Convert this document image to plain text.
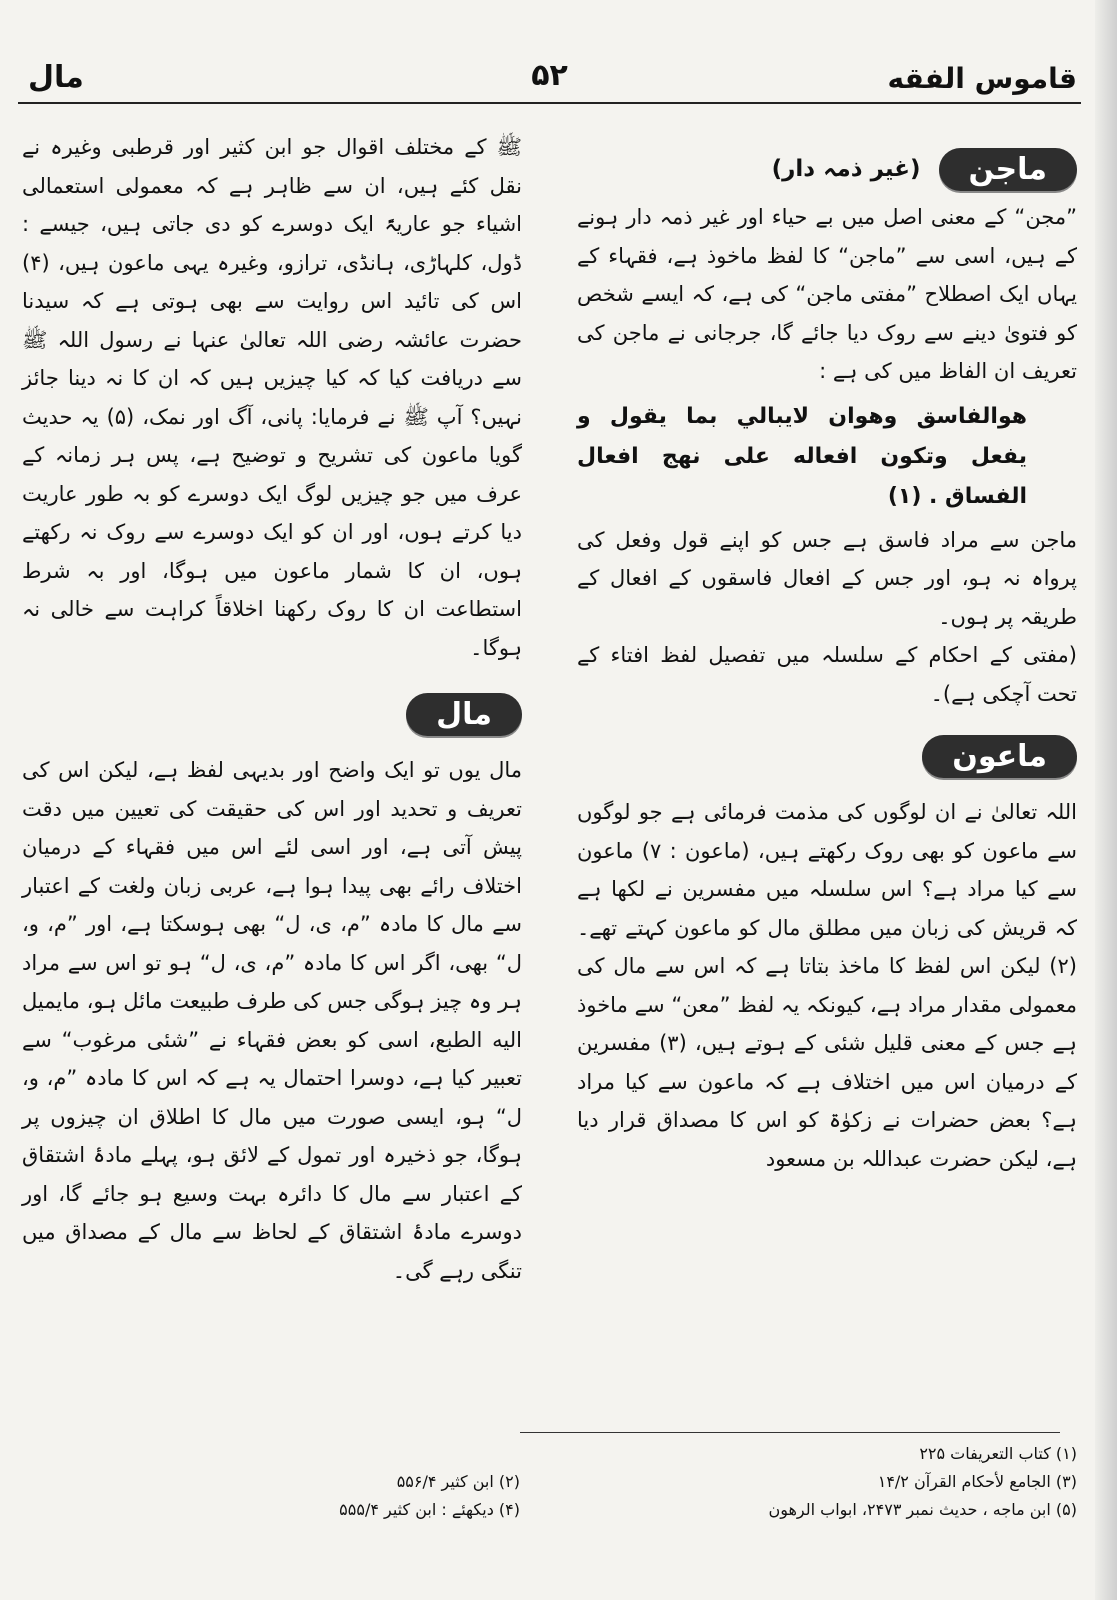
قاموس الفقه
۵۲
مال
ماجن
(غیر ذمہ دار)

”مجن“ کے معنی اصل میں بے حیاء اور غیر ذمہ دار ہونے کے ہیں، اسی سے ”ماجن“ کا لفظ ماخوذ ہے، فقہاء کے یہاں ایک اصطلاح ”مفتی ماجن“ کی ہے، کہ ایسے شخص کو فتویٰ دینے سے روک دیا جائے گا، جرجانی نے ماجن کی تعریف ان الفاظ میں کی ہے :

هوالفاسق وهوان لايبالي بما يقول و يفعل وتكون افعاله على نهج افعال الفساق . (۱)

ماجن سے مراد فاسق ہے جس کو اپنے قول وفعل کی پرواہ نہ ہو، اور جس کے افعال فاسقوں کے افعال کے طریقہ پر ہوں۔

(مفتی کے احکام کے سلسلہ میں تفصیل لفظ افتاء کے تحت آچکی ہے)۔

ماعون

اللہ تعالیٰ نے ان لوگوں کی مذمت فرمائی ہے جو لوگوں سے ماعون کو بھی روک رکھتے ہیں، (ماعون : ۷) ماعون سے کیا مراد ہے؟ اس سلسلہ میں مفسرین نے لکھا ہے کہ قریش کی زبان میں مطلق مال کو ماعون کہتے تھے۔ (۲) لیکن اس لفظ کا ماخذ بتاتا ہے کہ اس سے مال کی معمولی مقدار مراد ہے، کیونکہ یہ لفظ ”معن“ سے ماخوذ ہے جس کے معنی قلیل شئی کے ہوتے ہیں، (۳) مفسرین کے درمیان اس میں اختلاف ہے کہ ماعون سے کیا مراد ہے؟ بعض حضرات نے زکوٰۃ کو اس کا مصداق قرار دیا ہے، لیکن حضرت عبداللہ بن مسعود

ﷺ کے مختلف اقوال جو ابن کثیر اور قرطبی وغیرہ نے نقل کئے ہیں، ان سے ظاہر ہے کہ معمولی استعمالی اشیاء جو عاریۃً ایک دوسرے کو دی جاتی ہیں، جیسے : ڈول، کلہاڑی، ہانڈی، ترازو، وغیرہ یہی ماعون ہیں، (۴) اس کی تائید اس روایت سے بھی ہوتی ہے کہ سیدنا حضرت عائشہ رضی اللہ تعالیٰ عنہا نے رسول اللہ ﷺ سے دریافت کیا کہ کیا چیزیں ہیں کہ ان کا نہ دینا جائز نہیں؟ آپ ﷺ نے فرمایا: پانی، آگ اور نمک، (۵) یہ حدیث گویا ماعون کی تشریح و توضیح ہے، پس ہر زمانہ کے عرف میں جو چیزیں لوگ ایک دوسرے کو بہ طور عاریت دیا کرتے ہوں، اور ان کو ایک دوسرے سے روک نہ رکھتے ہوں، ان کا شمار ماعون میں ہوگا، اور بہ شرط استطاعت ان کا روک رکھنا اخلاقاً کراہت سے خالی نہ ہوگا۔

مال

مال یوں تو ایک واضح اور بدیہی لفظ ہے، لیکن اس کی تعریف و تحدید اور اس کی حقیقت کی تعیین میں دقت پیش آتی ہے، اور اسی لئے اس میں فقہاء کے درمیان اختلاف رائے بھی پیدا ہوا ہے، عربی زبان ولغت کے اعتبار سے مال کا مادہ ”م، ی، ل“ بھی ہوسکتا ہے، اور ”م، و، ل“ بھی، اگر اس کا مادہ ”م، ی، ل“ ہو تو اس سے مراد ہر وہ چیز ہوگی جس کی طرف طبیعت مائل ہو، مايميل اليه الطبع، اسی کو بعض فقہاء نے ”شئی مرغوب“ سے تعبیر کیا ہے، دوسرا احتمال یہ ہے کہ اس کا مادہ ”م، و، ل“ ہو، ایسی صورت میں مال کا اطلاق ان چیزوں پر ہوگا، جو ذخیرہ اور تمول کے لائق ہو، پہلے مادۂ اشتقاق کے اعتبار سے مال کا دائرہ بہت وسیع ہو جائے گا، اور دوسرے مادۂ اشتقاق کے لحاظ سے مال کے مصداق میں تنگی رہے گی۔

(۱) كتاب التعريفات ۲۲۵

(۳) الجامع لأحكام القرآن ۱۴/۲

(۵) ابن ماجه ، حديث نمبر ۲۴۷۳، ابواب الرهون

(۲) ابن کثیر ۵۵۶/۴

(۴) دیکھئے : ابن کثیر ۵۵۵/۴
